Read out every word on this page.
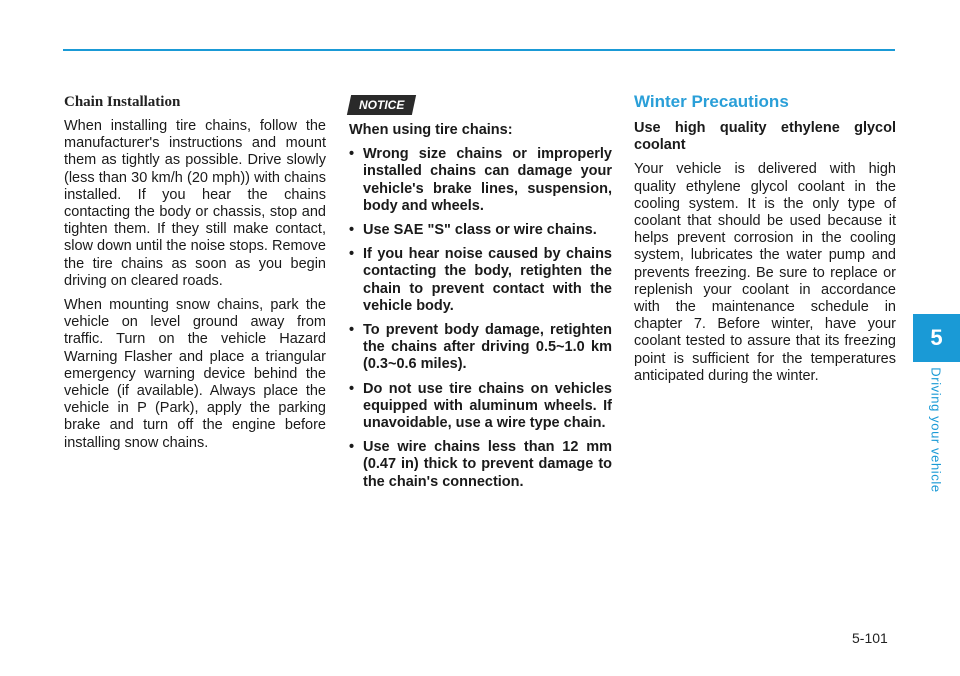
Chain Installation

When installing tire chains, follow the manufacturer's instructions and mount them as tightly as possible. Drive slowly (less than 30 km/h (20 mph)) with chains installed. If you hear the chains contacting the body or chassis, stop and tighten them. If they still make contact, slow down until the noise stops. Remove the tire chains as soon as you begin driving on cleared roads.

When mounting snow chains, park the vehicle on level ground away from traffic. Turn on the vehicle Hazard Warning Flasher and place a triangular emergency warning device behind the vehicle (if available). Always place the vehicle in P (Park), apply the parking brake and turn off the engine before installing snow chains.

NOTICE

When using tire chains:

• Wrong size chains or improperly installed chains can damage your vehicle's brake lines, suspension, body and wheels.
• Use SAE "S" class or wire chains.
• If you hear noise caused by chains contacting the body, retighten the chain to prevent contact with the vehicle body.
• To prevent body damage, retighten the chains after driving 0.5~1.0 km (0.3~0.6 miles).
• Do not use tire chains on vehicles equipped with aluminum wheels. If unavoidable, use a wire type chain.
• Use wire chains less than 12 mm (0.47 in) thick to prevent damage to the chain's connection.
Winter Precautions

Use high quality ethylene glycol coolant

Your vehicle is delivered with high quality ethylene glycol coolant in the cooling system. It is the only type of coolant that should be used because it helps prevent corrosion in the cooling system, lubricates the water pump and prevents freezing. Be sure to replace or replenish your coolant in accordance with the maintenance schedule in chapter 7. Before winter, have your coolant tested to assure that its freezing point is sufficient for the temperatures anticipated during the winter.

5
Driving your vehicle
5-101
